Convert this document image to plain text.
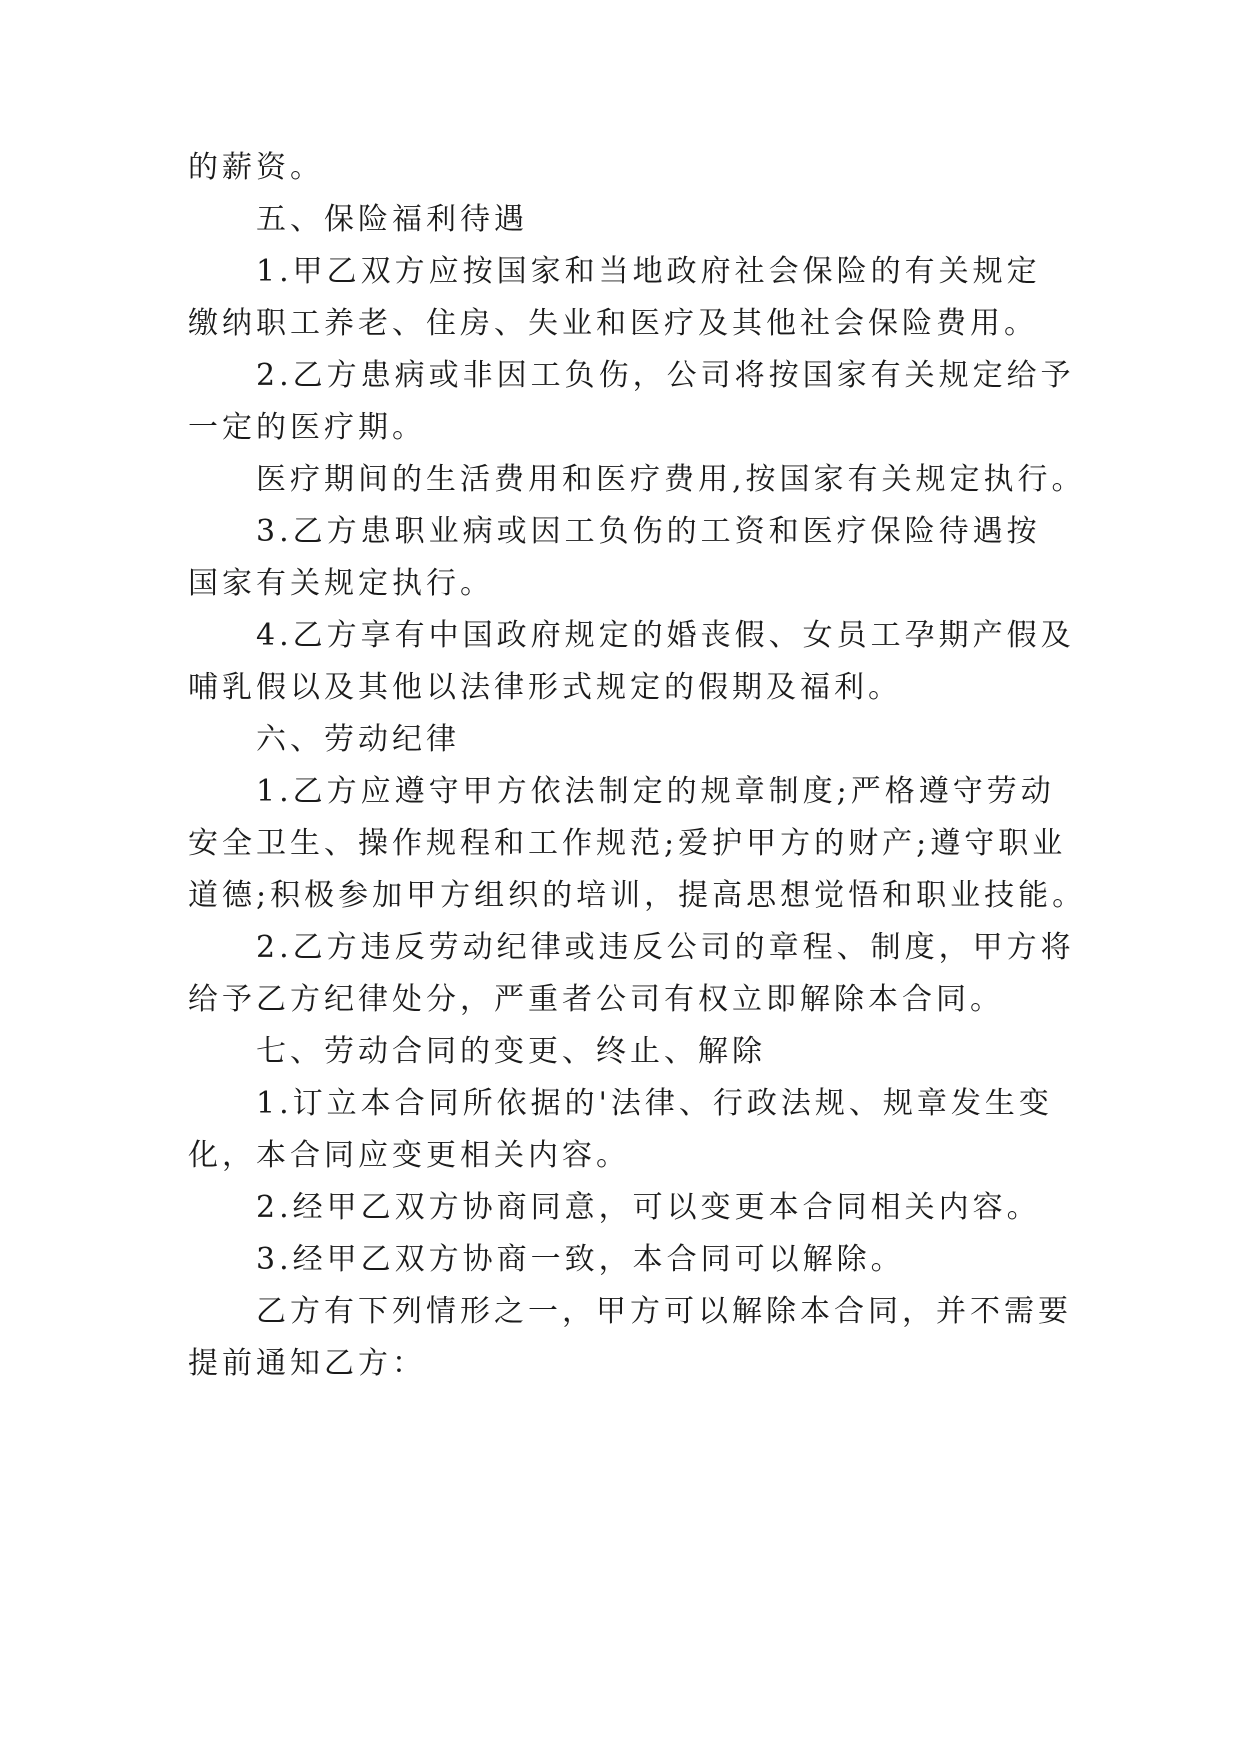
的薪资。
五、保险福利待遇
1.甲乙双方应按国家和当地政府社会保险的有关规定
缴纳职工养老、住房、失业和医疗及其他社会保险费用。
2.乙方患病或非因工负伤，公司将按国家有关规定给予
一定的医疗期。
医疗期间的生活费用和医疗费用,按国家有关规定执行。
3.乙方患职业病或因工负伤的工资和医疗保险待遇按
国家有关规定执行。
4.乙方享有中国政府规定的婚丧假、女员工孕期产假及
哺乳假以及其他以法律形式规定的假期及福利。
六、劳动纪律
1.乙方应遵守甲方依法制定的规章制度;严格遵守劳动
安全卫生、操作规程和工作规范;爱护甲方的财产;遵守职业
道德;积极参加甲方组织的培训，提高思想觉悟和职业技能。
2.乙方违反劳动纪律或违反公司的章程、制度，甲方将
给予乙方纪律处分，严重者公司有权立即解除本合同。
七、劳动合同的变更、终止、解除
1.订立本合同所依据的'法律、行政法规、规章发生变
化，本合同应变更相关内容。
2.经甲乙双方协商同意，可以变更本合同相关内容。
3.经甲乙双方协商一致，本合同可以解除。
乙方有下列情形之一，甲方可以解除本合同，并不需要
提前通知乙方：
